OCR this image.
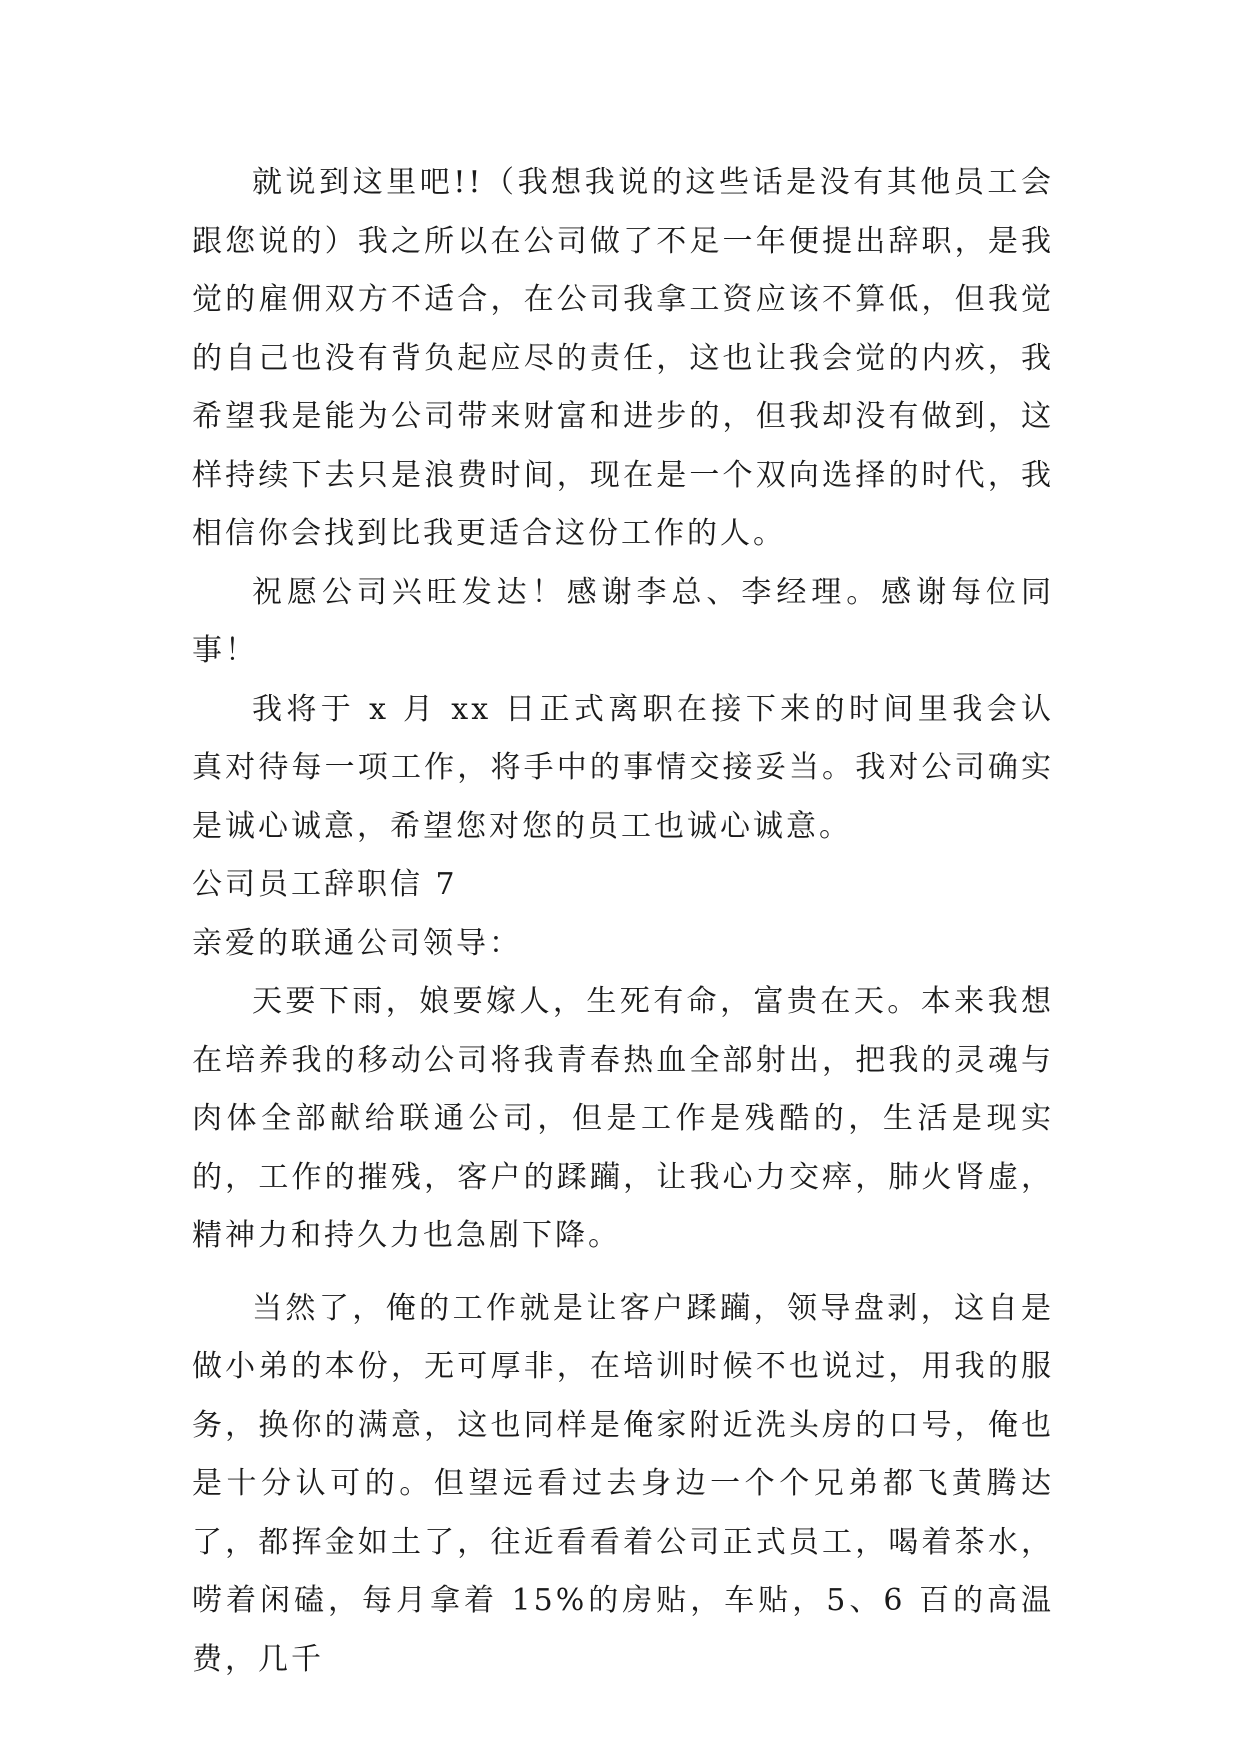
就说到这里吧!!（我想我说的这些话是没有其他员工会跟您说的）我之所以在公司做了不足一年便提出辞职，是我觉的雇佣双方不适合，在公司我拿工资应该不算低，但我觉的自己也没有背负起应尽的责任，这也让我会觉的内疚，我希望我是能为公司带来财富和进步的，但我却没有做到，这样持续下去只是浪费时间，现在是一个双向选择的时代，我相信你会找到比我更适合这份工作的人。

祝愿公司兴旺发达！感谢李总、李经理。感谢每位同事！

我将于 x 月 xx 日正式离职在接下来的时间里我会认真对待每一项工作，将手中的事情交接妥当。我对公司确实是诚心诚意，希望您对您的员工也诚心诚意。

公司员工辞职信 7

亲爱的联通公司领导：

天要下雨，娘要嫁人，生死有命，富贵在天。本来我想在培养我的移动公司将我青春热血全部射出，把我的灵魂与肉体全部献给联通公司，但是工作是残酷的，生活是现实的，工作的摧残，客户的蹂躏，让我心力交瘁，肺火肾虚，精神力和持久力也急剧下降。

当然了，俺的工作就是让客户蹂躏，领导盘剥，这自是做小弟的本份，无可厚非，在培训时候不也说过，用我的服务，换你的满意，这也同样是俺家附近洗头房的口号，俺也是十分认可的。但望远看过去身边一个个兄弟都飞黄腾达了，都挥金如土了，往近看看着公司正式员工，喝着茶水，唠着闲磕，每月拿着 15%的房贴，车贴，5、6 百的高温费，几千
